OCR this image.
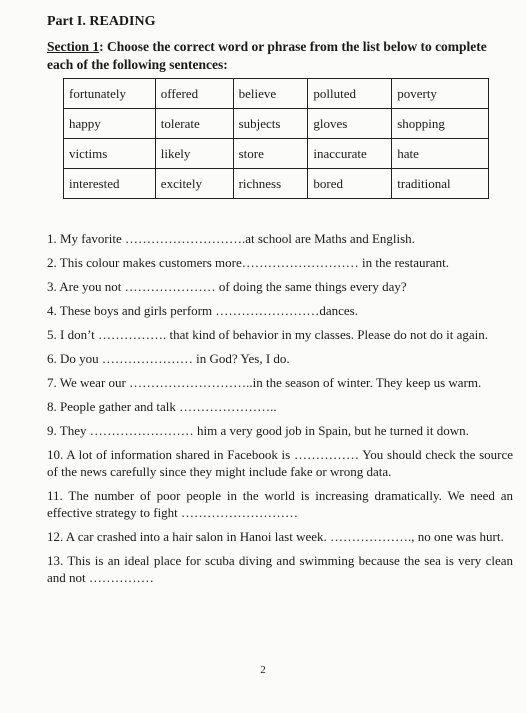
Part I. READING
Section 1: Choose the correct word or phrase from the list below to complete each of the following sentences:
fortunately	offered	believe	polluted	poverty
happy	tolerate	subjects	gloves	shopping
victims	likely	store	inaccurate	hate
interested	excitely	richness	bored	traditional
1. My favorite ……………………….at school are Maths and English.
2. This colour makes customers more……………………… in the restaurant.
3. Are you not ………………… of doing the same things every day?
4. These boys and girls perform ……………………dances.
5. I don’t ……………. that kind of behavior in my classes. Please do not do it again.
6. Do you ………………… in God? Yes, I do.
7. We wear our ………………………..in the season of winter. They keep us warm.
8. People gather and talk …………………..
9. They …………………… him a very good job in Spain, but he turned it down.
10. A lot of information shared in Facebook is …………… You should check the source of the news carefully since they might include fake or wrong data.
11. The number of poor people in the world is increasing dramatically. We need an effective strategy to fight ………………………
12. A car crashed into a hair salon in Hanoi last week. ………………., no one was hurt.
13. This is an ideal place for scuba diving and swimming because the sea is very clean and not ……………
2
